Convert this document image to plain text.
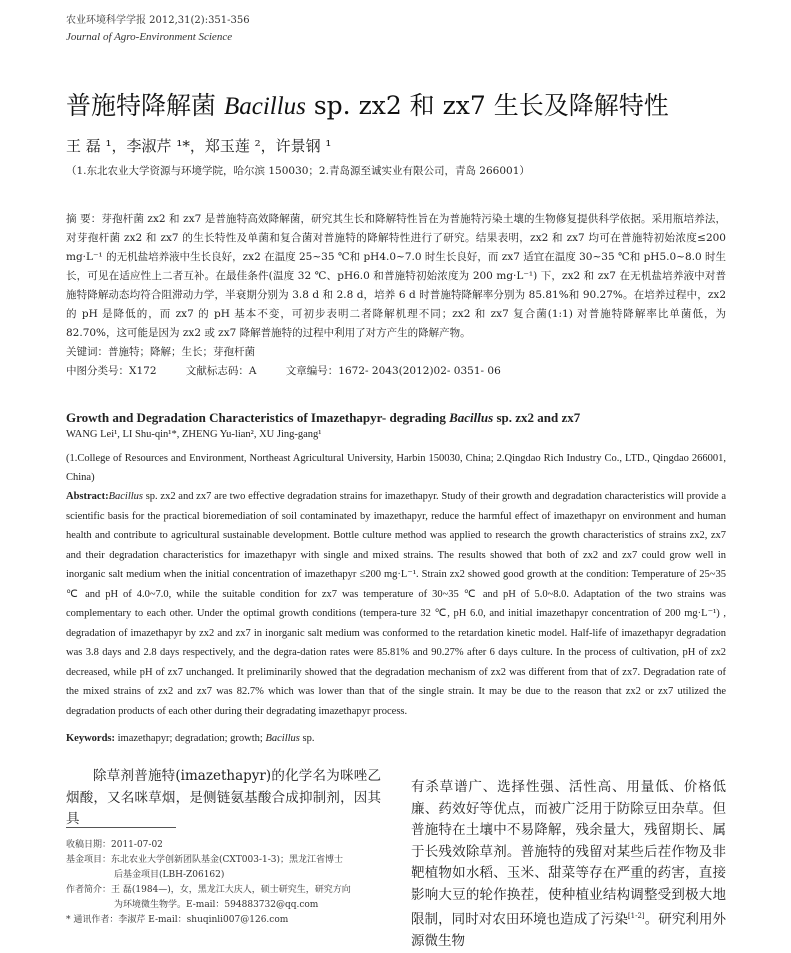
农业环境科学学报 2012,31(2):351-356
Journal of Agro-Environment Science
普施特降解菌 Bacillus sp. zx2 和 zx7 生长及降解特性
王 磊 ¹，李淑芹 ¹*，郑玉莲 ²，许景钢 ¹
（1.东北农业大学资源与环境学院，哈尔滨 150030；2.青岛源至诚实业有限公司，青岛 266001）
摘 要：芽孢杆菌 zx2 和 zx7 是普施特高效降解菌，研究其生长和降解特性旨在为普施特污染土壤的生物修复提供科学依据。采用瓶培养法，对芽孢杆菌 zx2 和 zx7 的生长特性及单菌和复合菌对普施特的降解特性进行了研究。结果表明，zx2 和 zx7 均可在普施特初始浓度≤200 mg·L⁻¹ 的无机盐培养液中生长良好，zx2 在温度 25~35 ℃和 pH4.0~7.0 时生长良好，而 zx7 适宜在温度 30~35 ℃和 pH5.0~8.0 时生长，可见在适应性上二者互补。在最佳条件(温度 32 ℃、pH6.0 和普施特初始浓度为 200 mg·L⁻¹) 下，zx2 和 zx7 在无机盐培养液中对普施特降解动态均符合阻滞动力学，半衰期分别为 3.8 d 和 2.8 d，培养 6 d 时普施特降解率分别为 85.81%和 90.27%。在培养过程中，zx2 的 pH 是降低的，而 zx7 的 pH 基本不变，可初步表明二者降解机理不同；zx2 和 zx7 复合菌(1:1) 对普施特降解率比单菌低，为 82.70%，这可能是因为 zx2 或 zx7 降解普施特的过程中利用了对方产生的降解产物。
关键词：普施特；降解；生长；芽孢杆菌
中图分类号：X172	文献标志码：A	文章编号：1672- 2043(2012)02- 0351- 06
Growth and Degradation Characteristics of Imazethapyr- degrading Bacillus sp. zx2 and zx7
WANG Lei¹, LI Shu-qin¹*, ZHENG Yu-lian², XU Jing-gang¹
(1.College of Resources and Environment, Northeast Agricultural University, Harbin 150030, China; 2.Qingdao Rich Industry Co., LTD., Qingdao 266001, China)
Abstract:Bacillus sp. zx2 and zx7 are two effective degradation strains for imazethapyr. Study of their growth and degradation characteristics will provide a scientific basis for the practical bioremediation of soil contaminated by imazethapyr, reduce the harmful effect of imazethapyr on environment and human health and contribute to agricultural sustainable development. Bottle culture method was applied to research the growth characteristics of strains zx2, zx7 and their degradation characteristics for imazethapyr with single and mixed strains. The results showed that both of zx2 and zx7 could grow well in inorganic salt medium when the initial concentration of imazethapyr ≤200 mg·L⁻¹. Strain zx2 showed good growth at the condition: Temperature of 25~35 ℃ and pH of 4.0~7.0, while the suitable condition for zx7 was temperature of 30~35 ℃ and pH of 5.0~8.0. Adaptation of the two strains was complementary to each other. Under the optimal growth conditions (tempera-ture 32 ℃, pH 6.0, and initial imazethapyr concentration of 200 mg·L⁻¹) , degradation of imazethapyr by zx2 and zx7 in inorganic salt medium was conformed to the retardation kinetic model. Half-life of imazethapyr degradation was 3.8 days and 2.8 days respectively, and the degra-dation rates were 85.81% and 90.27% after 6 days culture. In the process of cultivation, pH of zx2 decreased, while pH of zx7 unchanged. It preliminarily showed that the degradation mechanism of zx2 was different from that of zx7. Degradation rate of the mixed strains of zx2 and zx7 was 82.7% which was lower than that of the single strain. It may be due to the reason that zx2 or zx7 utilized the degradation products of each other during their degradating imazethapyr process.
Keywords: imazethapyr; degradation; growth; Bacillus sp.
除草剂普施特(imazethapyr)的化学名为咪唑乙烟酸，又名咪草烟，是侧链氨基酸合成抑制剂，因其具
有杀草谱广、选择性强、活性高、用量低、价格低廉、药效好等优点，而被广泛用于防除豆田杂草。但普施特在土壤中不易降解，残余量大，残留期长、属于长残效除草剂。普施特的残留对某些后茬作物及非靶植物如水稻、玉米、甜菜等存在严重的药害，直接影响大豆的轮作换茬，使种植业结构调整受到极大地限制，同时对农田环境也造成了污染[1-2]。研究利用外源微生物
收稿日期：2011-07-02
基金项目：东北农业大学创新团队基金(CXT003-1-3)；黑龙江省博士
后基金项目(LBH-Z06162)
作者简介：王 磊(1984—)，女，黑龙江大庆人，硕士研究生，研究方向
为环境微生物学。E-mail：594883732@qq.com
* 通讯作者：李淑芹 E-mail：shuqinli007@126.com
